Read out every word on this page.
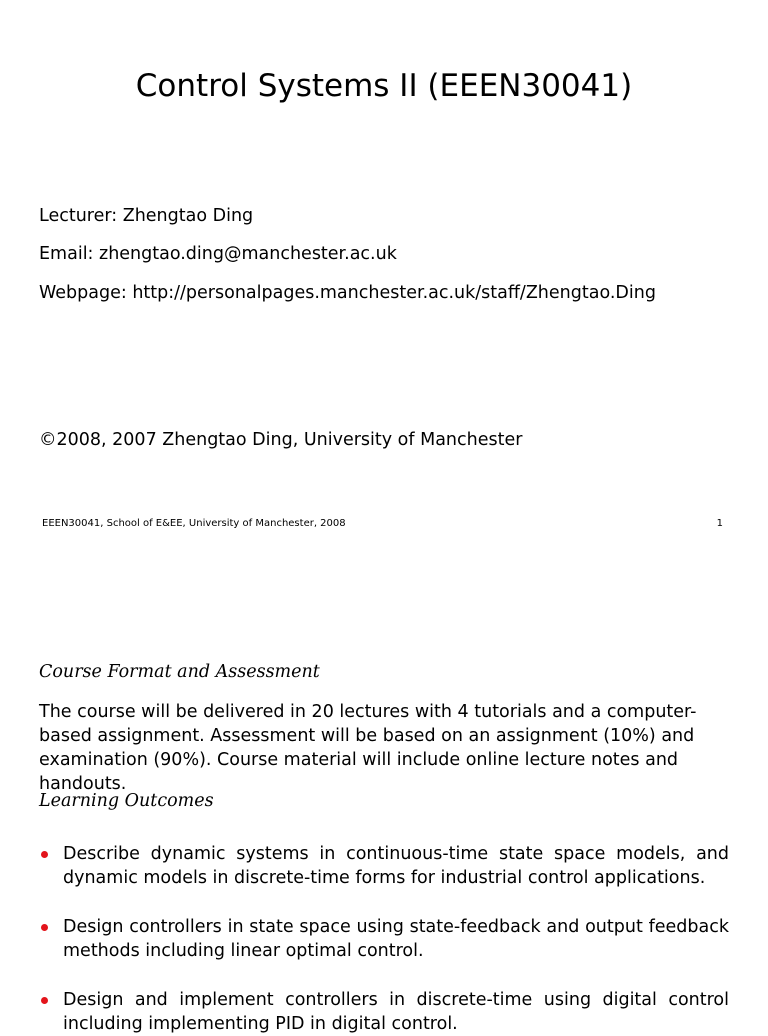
Control Systems II (EEEN30041)
Lecturer: Zhengtao Ding
Email: zhengtao.ding@manchester.ac.uk
Webpage: http://personalpages.manchester.ac.uk/staff/Zhengtao.Ding
©2008, 2007 Zhengtao Ding, University of Manchester
EEEN30041, School of E&EE, University of Manchester, 2008	1
Course Format and Assessment
The course will be delivered in 20 lectures with 4 tutorials and a computer-based assignment. Assessment will be based on an assignment (10%) and examination (90%). Course material will include online lecture notes and handouts.
Learning Outcomes
Describe dynamic systems in continuous-time state space models, and dynamic models in discrete-time forms for industrial control applications.
Design controllers in state space using state-feedback and output feedback methods including linear optimal control.
Design and implement controllers in discrete-time using digital control including implementing PID in digital control.
